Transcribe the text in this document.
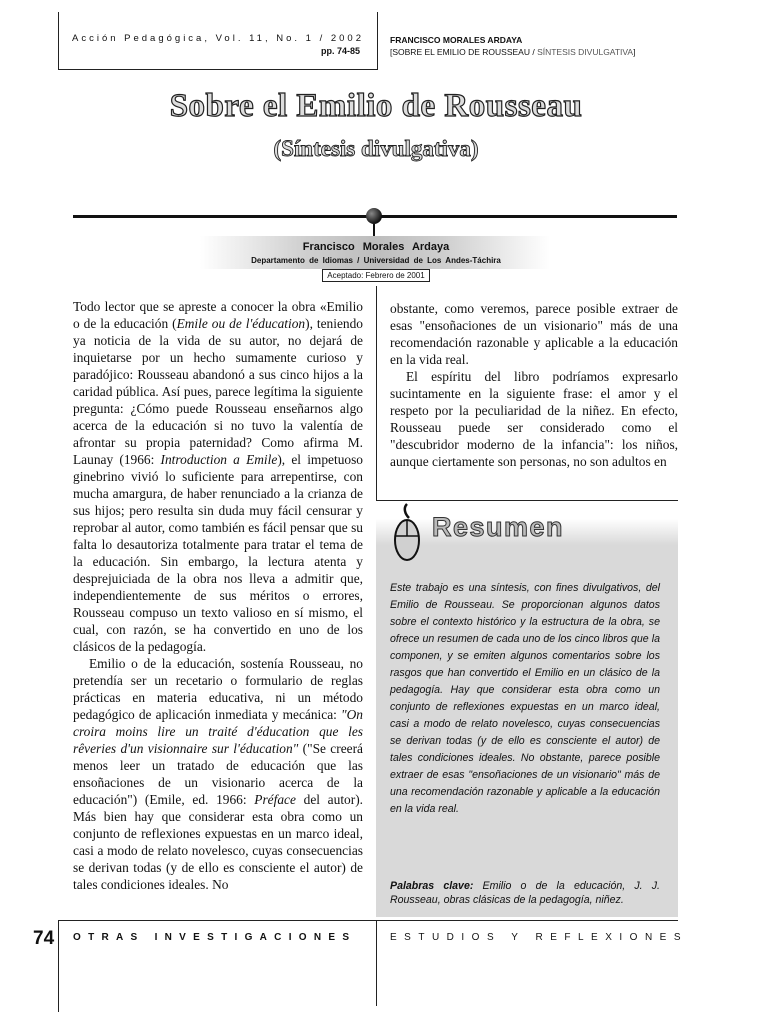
Acción Pedagógica, Vol. 11, No. 1 / 2002
pp. 74-85
FRANCISCO MORALES ARDAYA
[SOBRE EL EMILIO DE ROUSSEAU / SÍNTESIS DIVULGATIVA]
Sobre el Emilio de Rousseau
(Síntesis divulgativa)
Francisco Morales Ardaya
Departamento de Idiomas / Universidad de Los Andes-Táchira
Aceptado: Febrero de 2001

Todo lector que se apreste a conocer la obra «Emilio o de la educación (Emile ou de l'éducation), teniendo ya noticia de la vida de su autor, no dejará de inquietarse por un hecho sumamente curioso y paradójico: Rousseau abandonó a sus cinco hijos a la caridad pública. Así pues, parece legítima la siguiente pregunta: ¿Cómo puede Rousseau enseñarnos algo acerca de la educación si no tuvo la valentía de afrontar su propia paternidad? Como afirma M. Launay (1966: Introduction a Emile), el impetuoso ginebrino vivió lo suficiente para arrepentirse, con mucha amargura, de haber renunciado a la crianza de sus hijos; pero resulta sin duda muy fácil censurar y reprobar al autor, como también es fácil pensar que su falta lo desautoriza totalmente para tratar el tema de la educación. Sin embargo, la lectura atenta y desprejuiciada de la obra nos lleva a admitir que, independientemente de sus méritos o errores, Rousseau compuso un texto valioso en sí mismo, el cual, con razón, se ha convertido en uno de los clásicos de la pedagogía.

Emilio o de la educación, sostenía Rousseau, no pretendía ser un recetario o formulario de reglas prácticas en materia educativa, ni un método pedagógico de aplicación inmediata y mecánica: "On croira moins lire un traité d'éducation que les rêveries d'un visionnaire sur l'éducation" ("Se creerá menos leer un tratado de educación que las ensoñaciones de un visionario acerca de la educación") (Emile, ed. 1966: Préface del autor). Más bien hay que considerar esta obra como un conjunto de reflexiones expuestas en un marco ideal, casi a modo de relato novelesco, cuyas consecuencias se derivan todas (y de ello es consciente el autor) de tales condiciones ideales. No

obstante, como veremos, parece posible extraer de esas "ensoñaciones de un visionario" más de una recomendación razonable y aplicable a la educación en la vida real.

El espíritu del libro podríamos expresarlo sucintamente en la siguiente frase: el amor y el respeto por la peculiaridad de la niñez. En efecto, Rousseau puede ser considerado como el "descubridor moderno de la infancia": los niños, aunque ciertamente son personas, no son adultos en

Resumen
Este trabajo es una síntesis, con fines divulgativos, del Emilio de Rousseau. Se proporcionan algunos datos sobre el contexto histórico y la estructura de la obra, se ofrece un resumen de cada uno de los cinco libros que la componen, y se emiten algunos comentarios sobre los rasgos que han convertido el Emilio en un clásico de la pedagogía. Hay que considerar esta obra como un conjunto de reflexiones expuestas en un marco ideal, casi a modo de relato novelesco, cuyas consecuencias se derivan todas (y de ello es consciente el autor) de tales condiciones ideales. No obstante, parece posible extraer de esas "ensoñaciones de un visionario" más de una recomendación razonable y aplicable a la educación en la vida real.
Palabras clave: Emilio o de la educación, J. J. Rousseau, obras clásicas de la pedagogía, niñez.
74 OTRAS INVESTIGACIONES	ESTUDIOS Y REFLEXIONES
